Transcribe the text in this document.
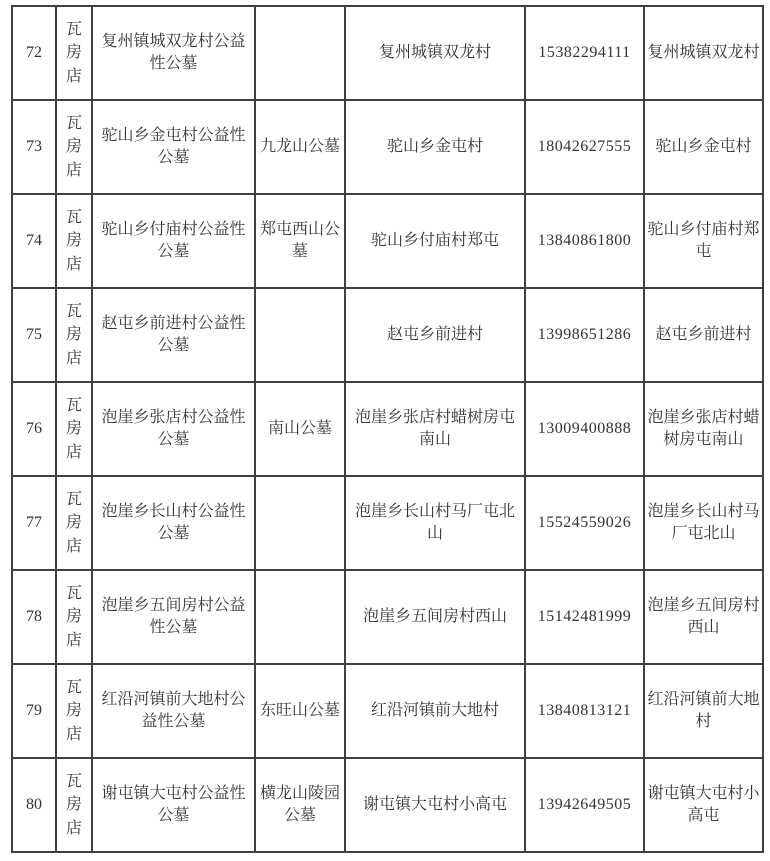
72	瓦房店	复州镇城双龙村公益性公墓		复州城镇双龙村	15382294111	复州城镇双龙村
73	瓦房店	驼山乡金屯村公益性公墓	九龙山公墓	驼山乡金屯村	18042627555	驼山乡金屯村
74	瓦房店	驼山乡付庙村公益性公墓	郑屯西山公墓	驼山乡付庙村郑屯	13840861800	驼山乡付庙村郑屯
75	瓦房店	赵屯乡前进村公益性公墓		赵屯乡前进村	13998651286	赵屯乡前进村
76	瓦房店	泡崖乡张店村公益性公墓	南山公墓	泡崖乡张店村蜡树房屯南山	13009400888	泡崖乡张店村蜡树房屯南山
77	瓦房店	泡崖乡长山村公益性公墓		泡崖乡长山村马厂屯北山	15524559026	泡崖乡长山村马厂屯北山
78	瓦房店	泡崖乡五间房村公益性公墓		泡崖乡五间房村西山	15142481999	泡崖乡五间房村西山
79	瓦房店	红沿河镇前大地村公益性公墓	东旺山公墓	红沿河镇前大地村	13840813121	红沿河镇前大地村
80	瓦房店	谢屯镇大屯村公益性公墓	横龙山陵园公墓	谢屯镇大屯村小高屯	13942649505	谢屯镇大屯村小高屯
